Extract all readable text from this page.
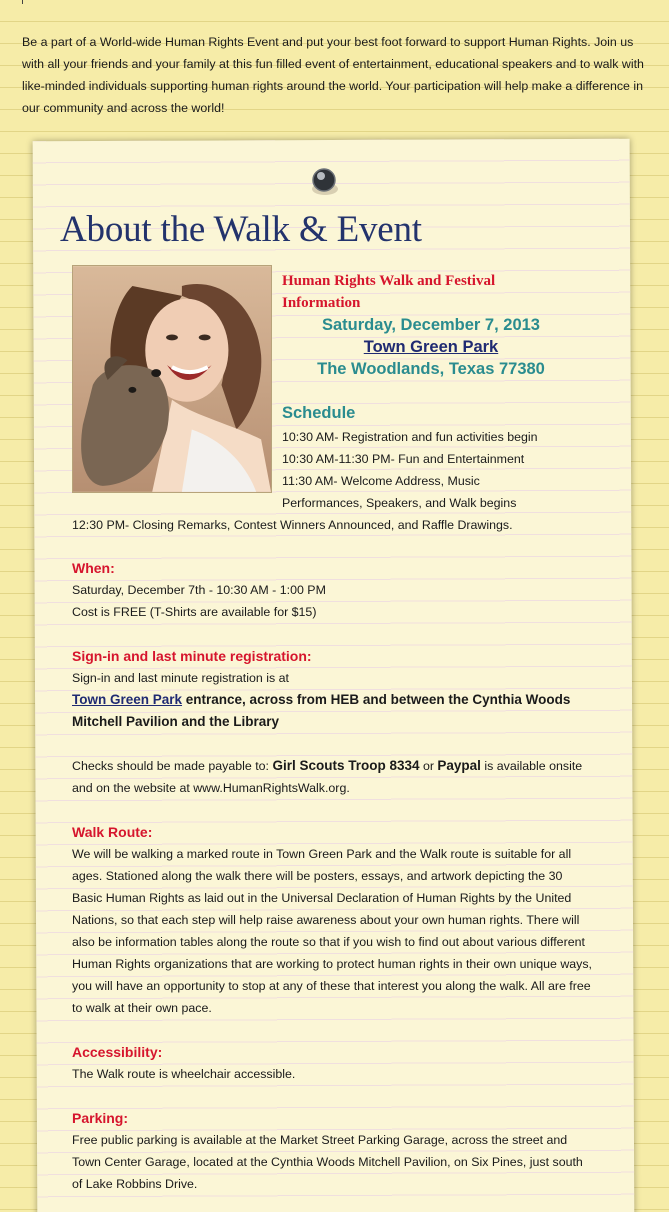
Be a part of a World-wide Human Rights Event and put your best foot forward to support Human Rights. Join us with all your friends and your family at this fun filled event of entertainment, educational speakers and to walk with like-minded individuals supporting human rights around the world. Your participation will help make a difference in our community and across the world!

About the Walk & Event
Human Rights Walk and Festival
Information
Saturday, December 7, 2013
Town Green Park
The Woodlands, Texas 77380
Schedule
10:30 AM- Registration and fun activities begin
10:30 AM-11:30 PM- Fun and Entertainment
11:30 AM- Welcome Address, Music
Performances, Speakers, and Walk begins
12:30 PM- Closing Remarks, Contest Winners Announced, and Raffle Drawings.
When:
Saturday, December 7th - 10:30 AM - 1:00 PM
Cost is FREE (T-Shirts are available for $15)
Sign-in and last minute registration:
Sign-in and last minute registration is at
Town Green Park entrance, across from HEB and between the Cynthia Woods Mitchell Pavilion and the Library
Checks should be made payable to: Girl Scouts Troop 8334 or Paypal is available onsite and on the website at www.HumanRightsWalk.org.
Walk Route:

We will be walking a marked route in Town Green Park and the Walk route is suitable for all ages. Stationed along the walk there will be posters, essays, and artwork depicting the 30 Basic Human Rights as laid out in the Universal Declaration of Human Rights by the United Nations, so that each step will help raise awareness about your own human rights. There will also be information tables along the route so that if you wish to find out about various different Human Rights organizations that are working to protect human rights in their own unique ways, you will have an opportunity to stop at any of these that interest you along the walk. All are free to walk at their own pace.

Accessibility:

The Walk route is wheelchair accessible.

Parking:

Free public parking is available at the Market Street Parking Garage, across the street and Town Center Garage, located at the Cynthia Woods Mitchell Pavilion, on Six Pines, just south of Lake Robbins Drive.
